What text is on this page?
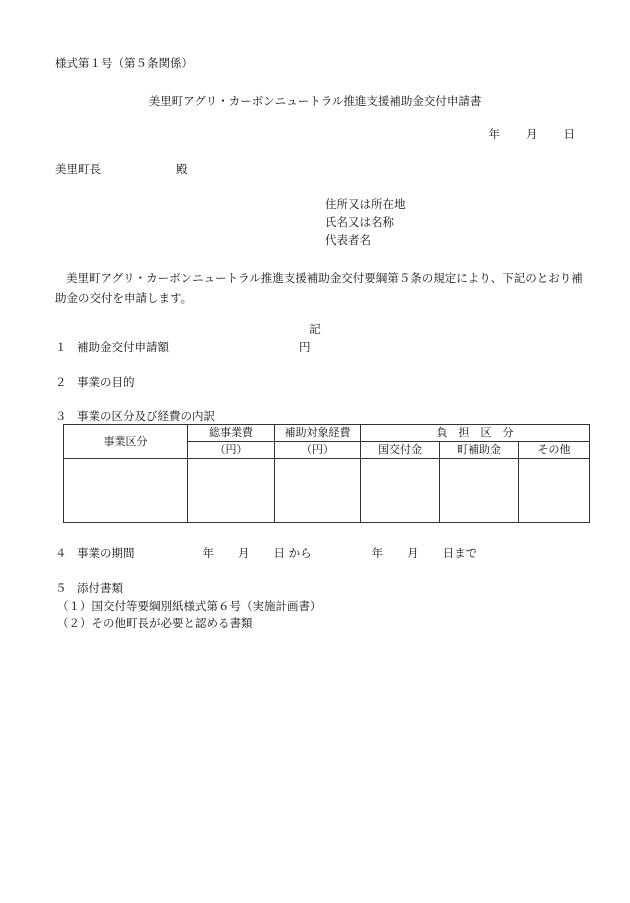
様式第１号（第５条関係）
美里町アグリ・カーボンニュートラル推進支援補助金交付申請書
年 月 日
美里町長	殿
住所又は所在地
氏名又は名称
代表者名
美里町アグリ・カーボンニュートラル推進支援補助金交付要綱第５条の規定により、下記のとおり補助金の交付を申請します。
記
１ 補助金交付申請額	円
２ 事業の目的
３ 事業の区分及び経費の内訳
事業区分	総事業費	補助対象経費	負　担　区　分		
	（円）	（円）	国交付金	町補助金	その他

４ 事業の期間	年 月 日 から	年 月 日まで
５ 添付書類
（１）国交付等要綱別紙様式第６号（実施計画書）
（２）その他町長が必要と認める書類
